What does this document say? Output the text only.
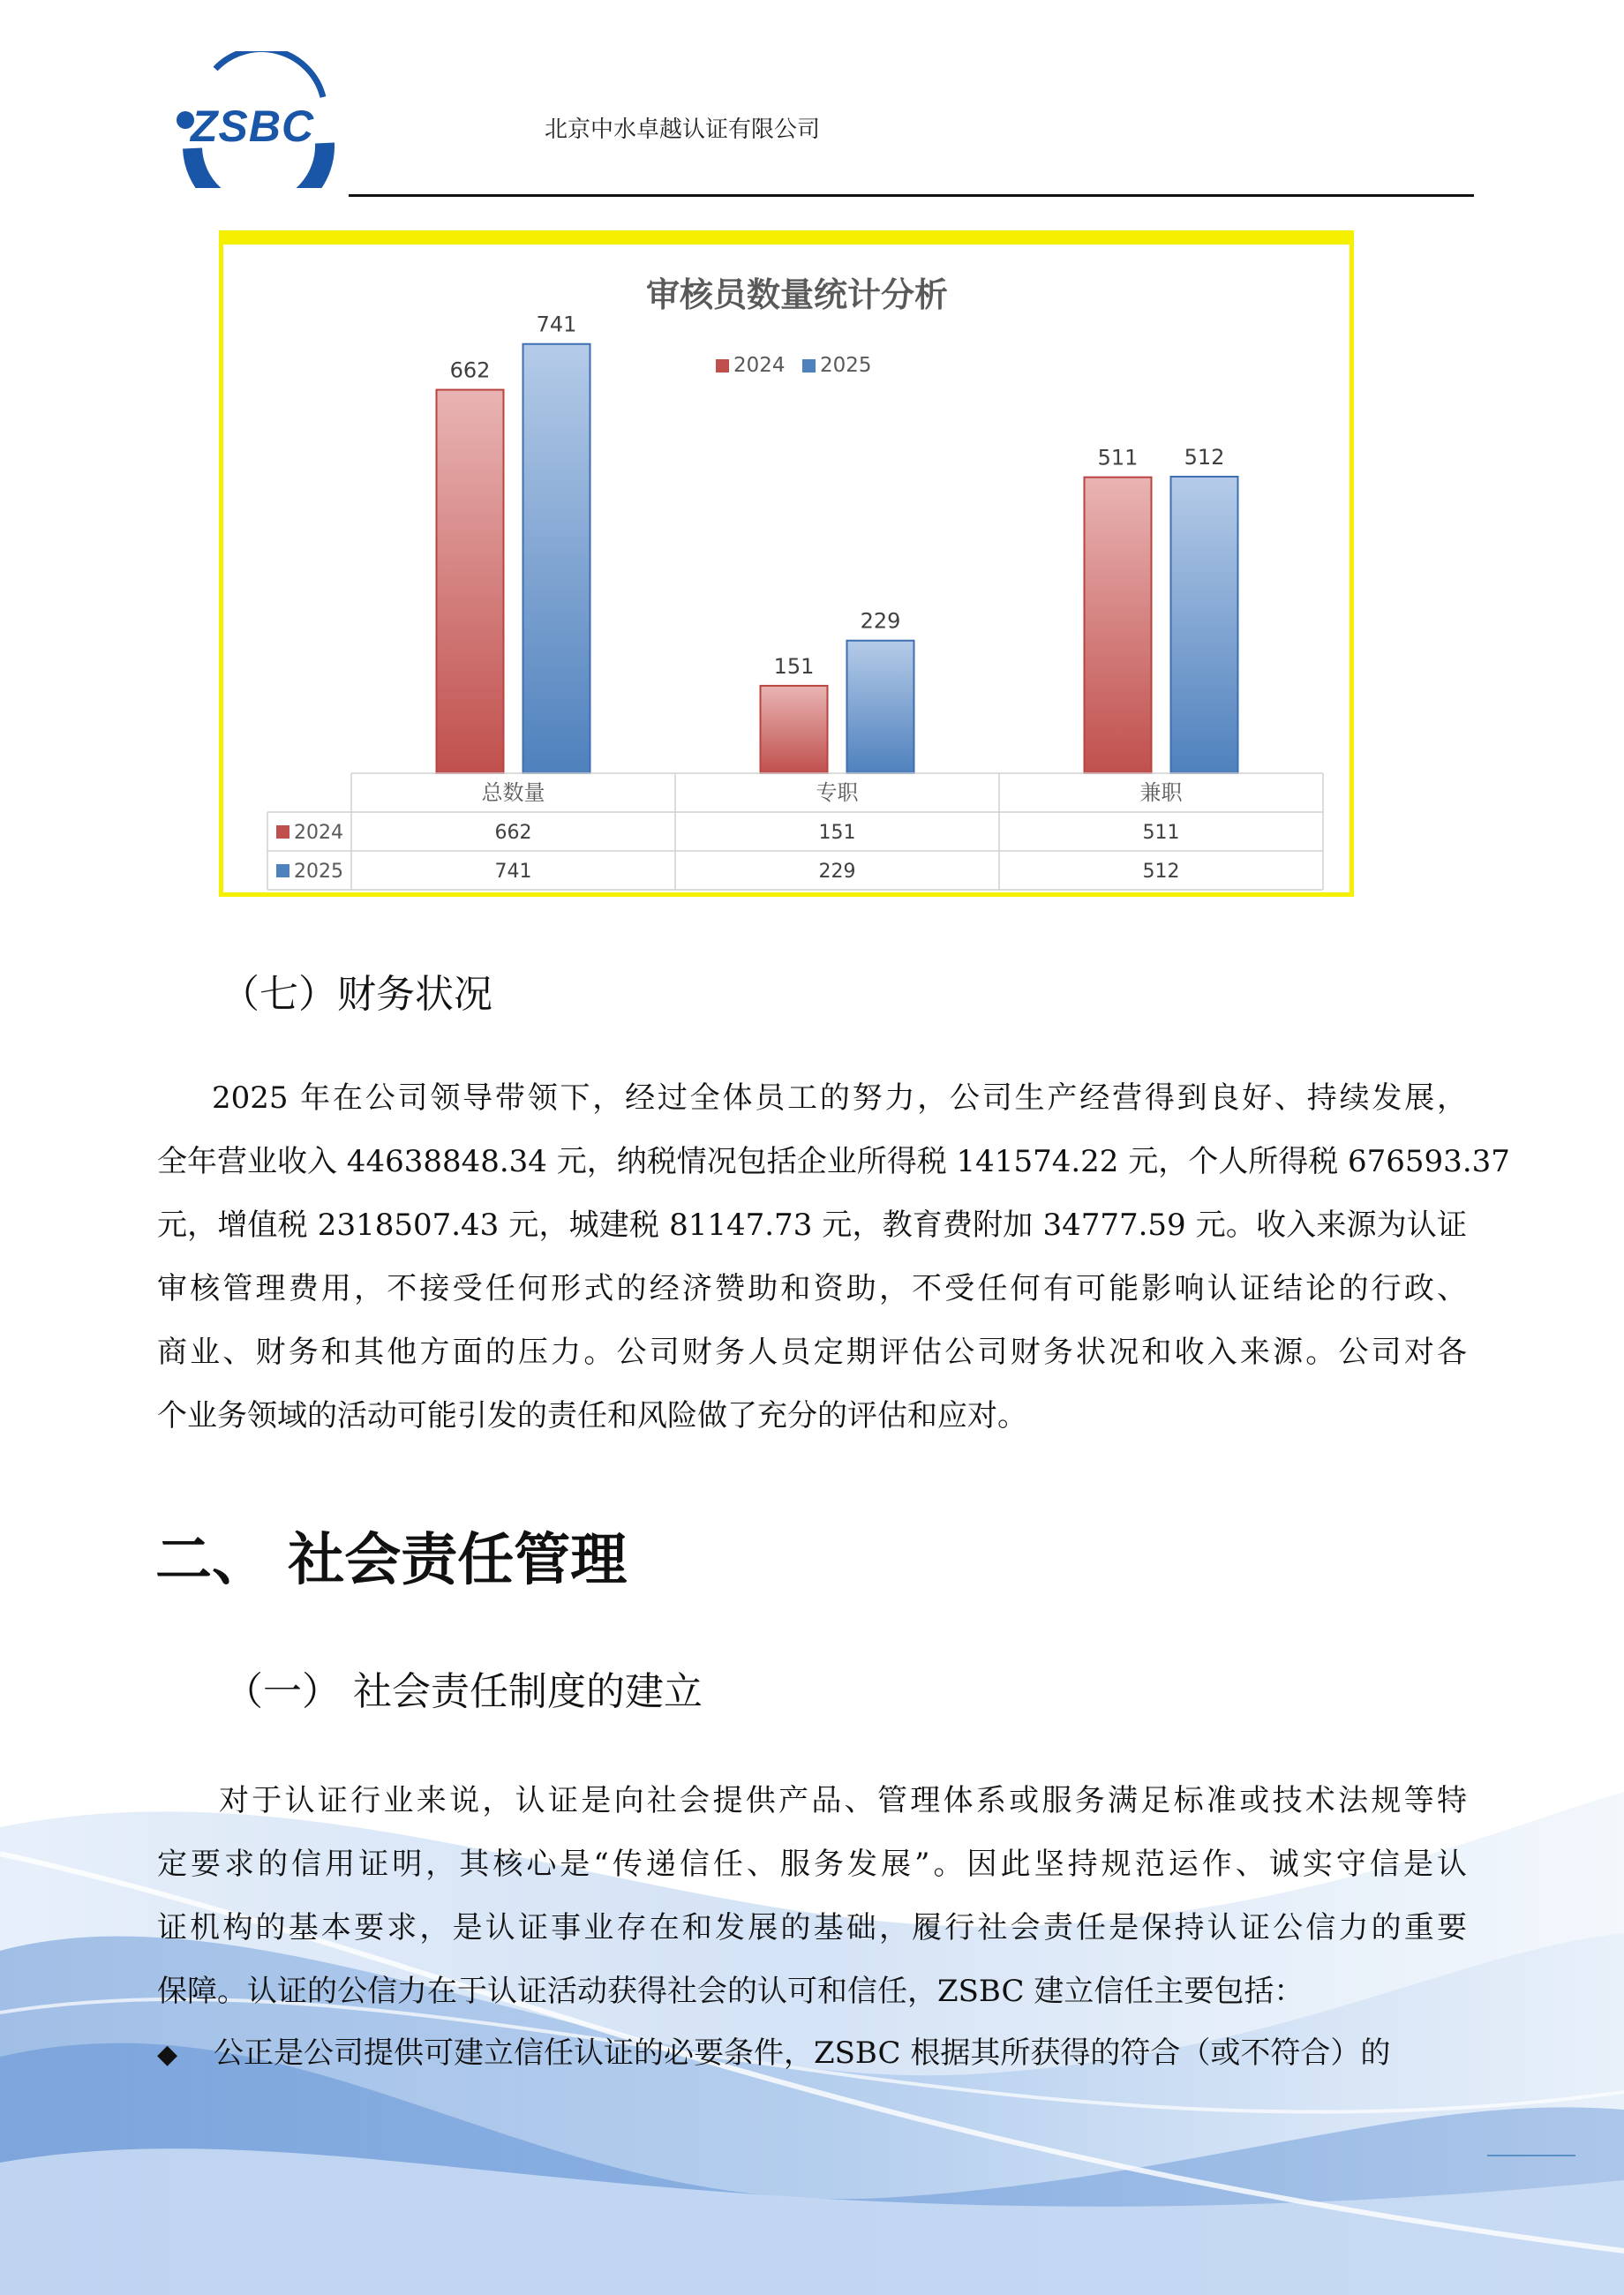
ZSBC	北京中水卓越认证有限公司
审核员数量统计分析
2024 2025
662
741
151
229
511 512
总数量	专职	兼职
2024	662	151	511
2025	741	229	512
（七）财务状况
2025 年在公司领导带领下，经过全体员工的努力，公司生产经营得到良好、持续发展，
全年营业收入 44638848.34 元，纳税情况包括企业所得税 141574.22 元，个人所得税 676593.37
元，增值税 2318507.43 元，城建税 81147.73 元，教育费附加 34777.59 元。收入来源为认证
审核管理费用，不接受任何形式的经济赞助和资助，不受任何有可能影响认证结论的行政、
商业、财务和其他方面的压力。公司财务人员定期评估公司财务状况和收入来源。公司对各
个业务领域的活动可能引发的责任和风险做了充分的评估和应对。
二、 社会责任管理
（一） 社会责任制度的建立
对于认证行业来说，认证是向社会提供产品、管理体系或服务满足标准或技术法规等特
定要求的信用证明，其核心是“传递信任、服务发展”。因此坚持规范运作、诚实守信是认
证机构的基本要求，是认证事业存在和发展的基础，履行社会责任是保持认证公信力的重要
保障。认证的公信力在于认证活动获得社会的认可和信任，ZSBC 建立信任主要包括：
◆ 公正是公司提供可建立信任认证的必要条件，ZSBC 根据其所获得的符合（或不符合）的
